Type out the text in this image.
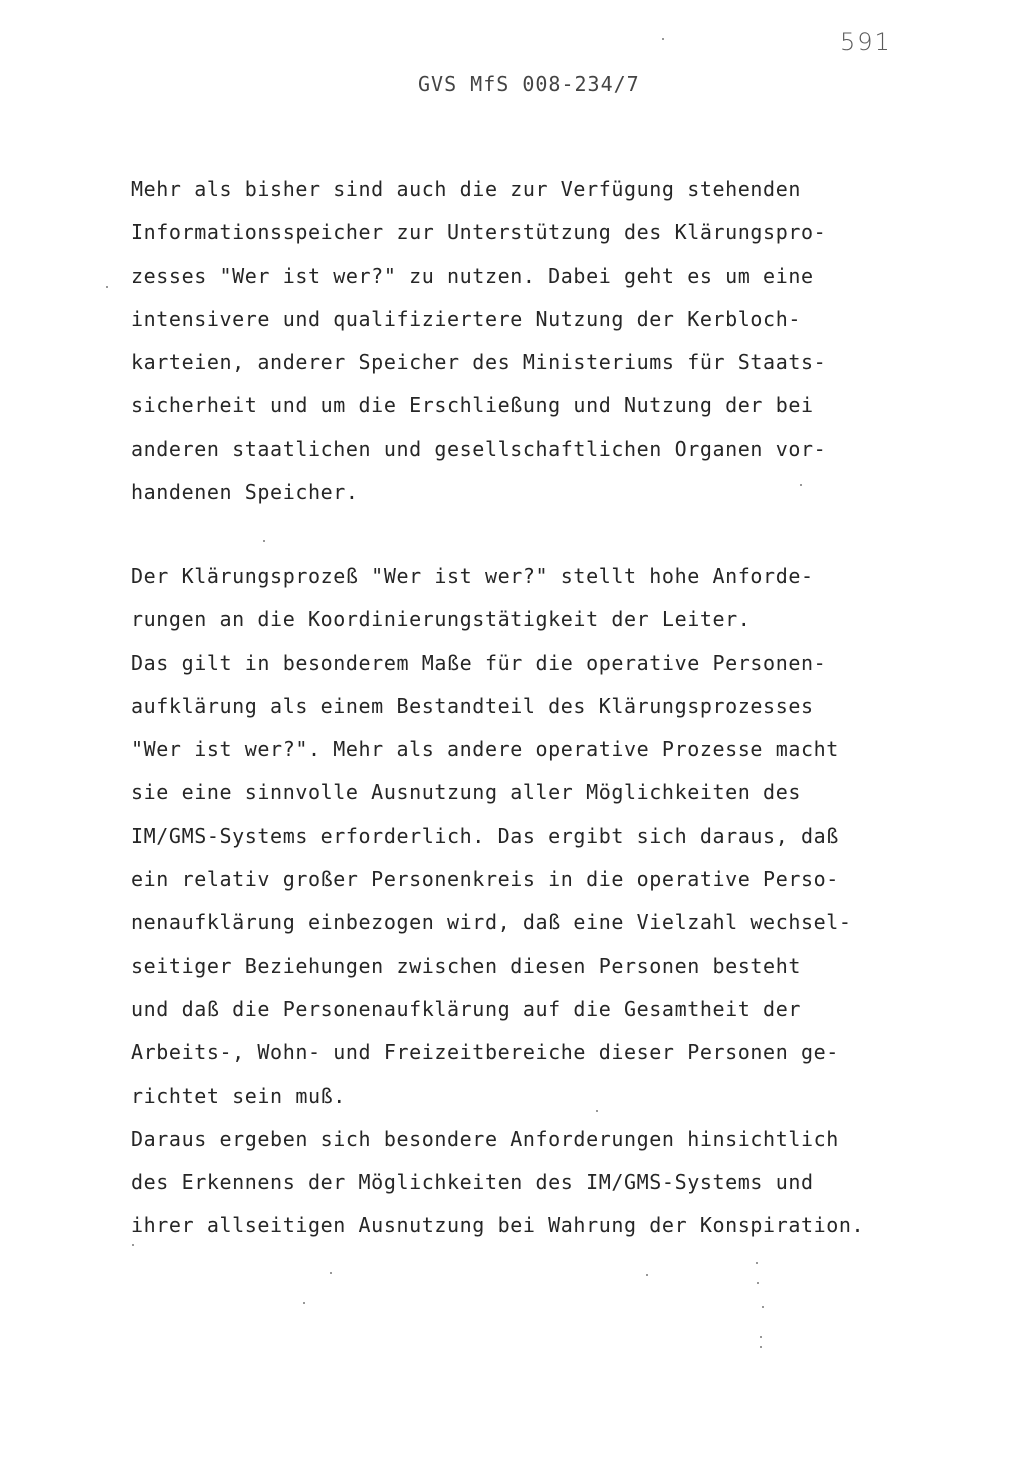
591
GVS MfS 008-234/7
Mehr als bisher sind auch die zur Verfügung stehenden
Informationsspeicher zur Unterstützung des Klärungspro-
zesses "Wer ist wer?" zu nutzen. Dabei geht es um eine
intensivere und qualifiziertere Nutzung der Kerbloch-
karteien, anderer Speicher des Ministeriums für Staats-
sicherheit und um die Erschließung und Nutzung der bei
anderen staatlichen und gesellschaftlichen Organen vor-
handenen Speicher.
Der Klärungsprozeß "Wer ist wer?" stellt hohe Anforde-
rungen an die Koordinierungstätigkeit der Leiter.
Das gilt in besonderem Maße für die operative Personen-
aufklärung als einem Bestandteil des Klärungsprozesses
"Wer ist wer?". Mehr als andere operative Prozesse macht
sie eine sinnvolle Ausnutzung aller Möglichkeiten des
IM/GMS-Systems erforderlich. Das ergibt sich daraus, daß
ein relativ großer Personenkreis in die operative Perso-
nenaufklärung einbezogen wird, daß eine Vielzahl wechsel-
seitiger Beziehungen zwischen diesen Personen besteht
und daß die Personenaufklärung auf die Gesamtheit der
Arbeits-, Wohn- und Freizeitbereiche dieser Personen ge-
richtet sein muß.
Daraus ergeben sich besondere Anforderungen hinsichtlich
des Erkennens der Möglichkeiten des IM/GMS-Systems und
ihrer allseitigen Ausnutzung bei Wahrung der Konspiration.
